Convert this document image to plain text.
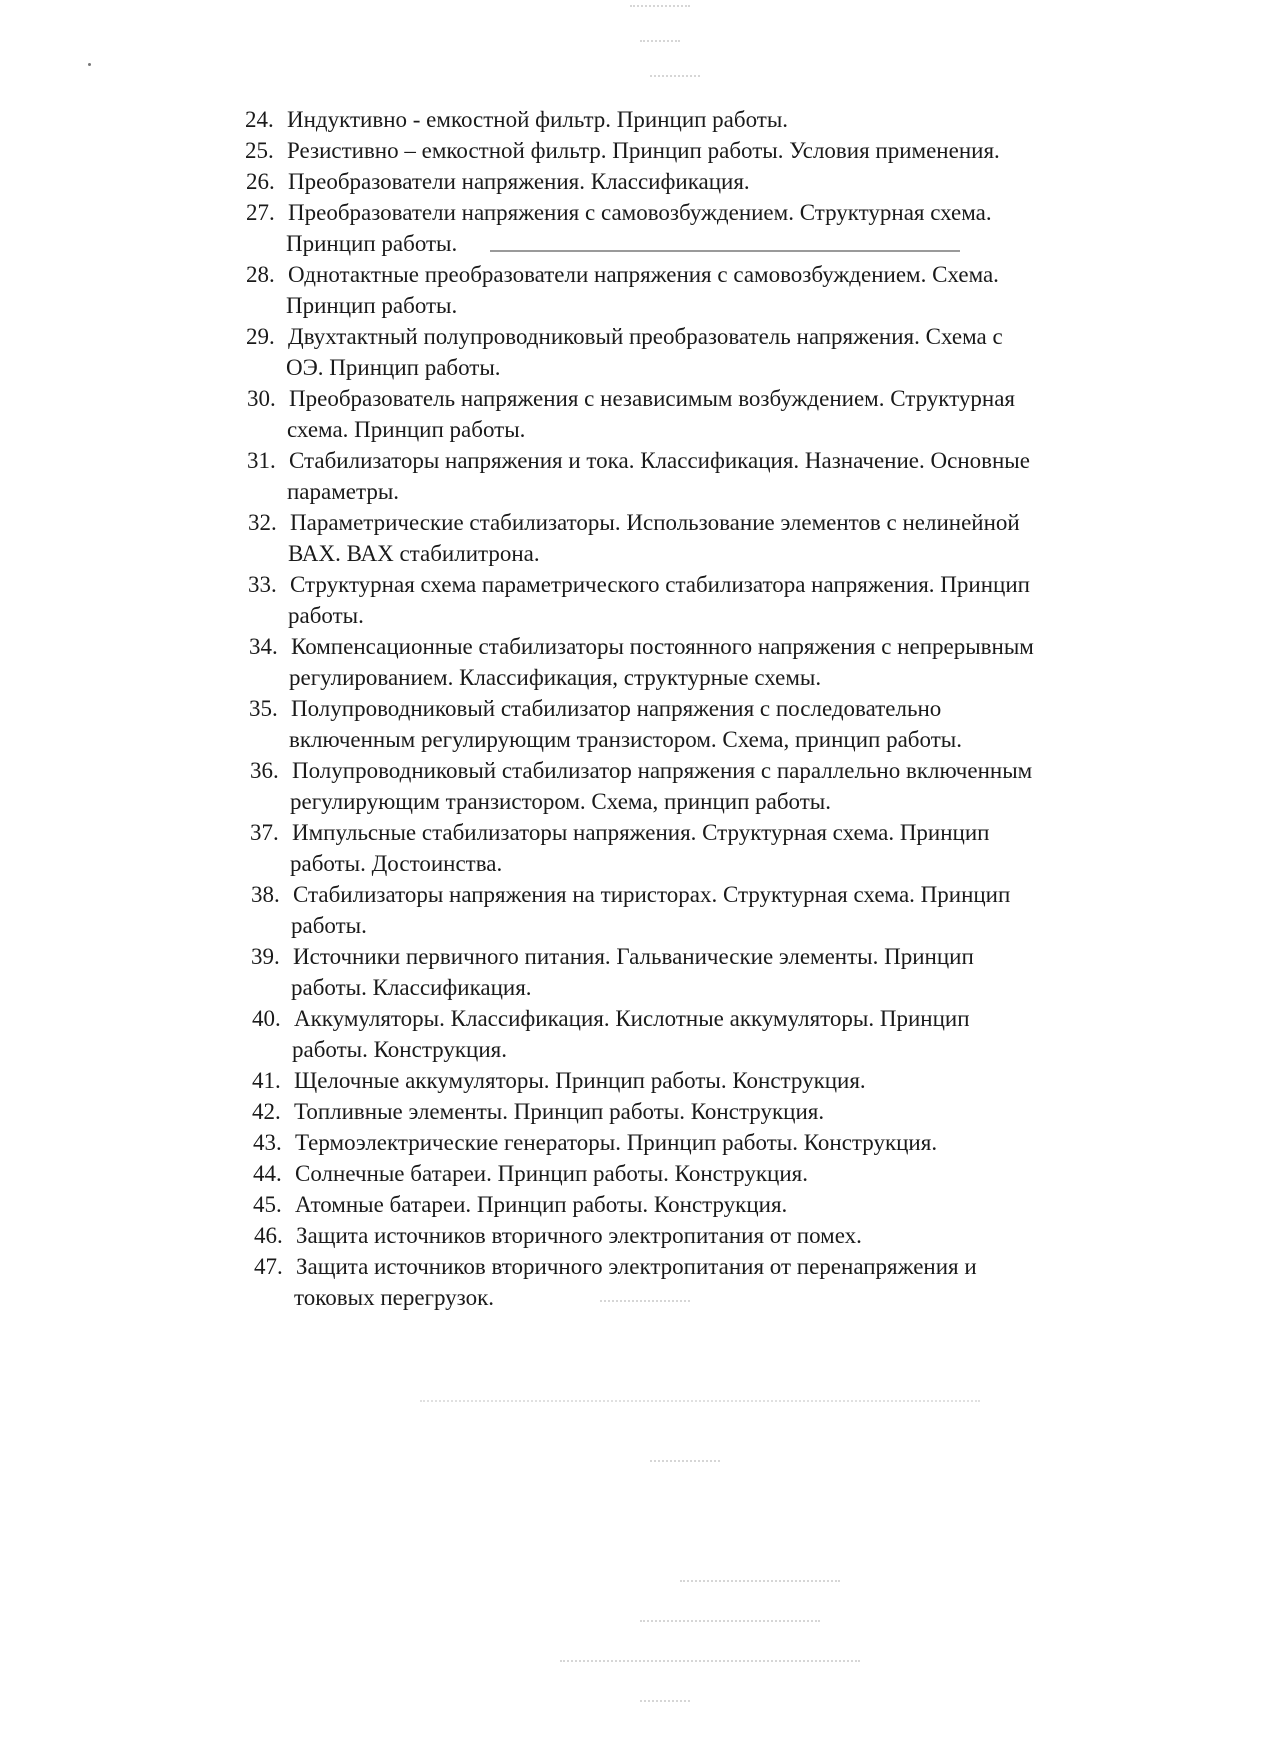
24. Индуктивно - емкостной фильтр. Принцип работы.
25. Резистивно – емкостной фильтр. Принцип работы. Условия применения.
26. Преобразователи напряжения. Классификация.
27. Преобразователи напряжения с самовозбуждением. Структурная схема.
Принцип работы.
28. Однотактные преобразователи напряжения с самовозбуждением. Схема.
Принцип работы.
29. Двухтактный полупроводниковый преобразователь напряжения. Схема с
ОЭ. Принцип работы.
30. Преобразователь напряжения с независимым возбуждением. Структурная
схема. Принцип работы.
31. Стабилизаторы напряжения и тока. Классификация. Назначение. Основные
параметры.
32. Параметрические стабилизаторы. Использование элементов с нелинейной
ВАХ. ВАХ стабилитрона.
33. Структурная схема параметрического стабилизатора напряжения. Принцип
работы.
34. Компенсационные стабилизаторы постоянного напряжения с непрерывным
регулированием. Классификация, структурные схемы.
35. Полупроводниковый стабилизатор напряжения с последовательно
включенным регулирующим транзистором. Схема, принцип работы.
36. Полупроводниковый стабилизатор напряжения с параллельно включенным
регулирующим транзистором. Схема, принцип работы.
37. Импульсные стабилизаторы напряжения. Структурная схема. Принцип
работы. Достоинства.
38. Стабилизаторы напряжения на тиристорах. Структурная схема. Принцип
работы.
39. Источники первичного питания. Гальванические элементы. Принцип
работы. Классификация.
40. Аккумуляторы. Классификация. Кислотные аккумуляторы. Принцип
работы. Конструкция.
41. Щелочные аккумуляторы. Принцип работы. Конструкция.
42. Топливные элементы. Принцип работы. Конструкция.
43. Термоэлектрические генераторы. Принцип работы. Конструкция.
44. Солнечные батареи. Принцип работы. Конструкция.
45. Атомные батареи. Принцип работы. Конструкция.
46. Защита источников вторичного электропитания от помех.
47. Защита источников вторичного электропитания от перенапряжения и
токовых перегрузок.
